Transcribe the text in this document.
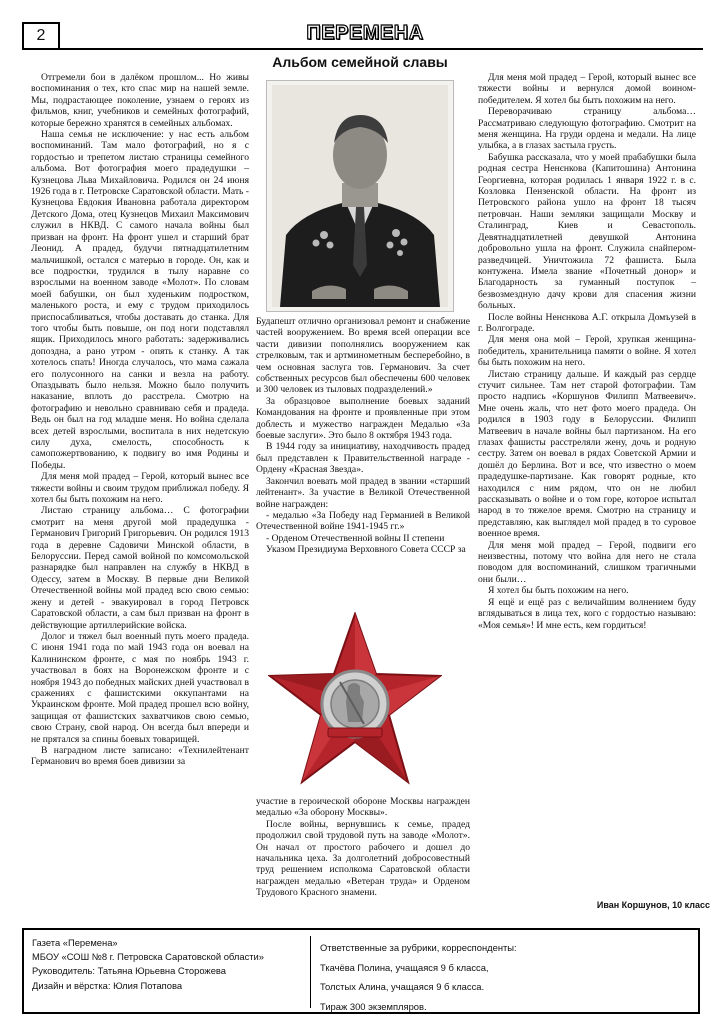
2	ПЕРЕМЕНА
Альбом семейной славы

Отгремели бои в далёком прошлом... Но живы воспоминания о тех, кто спас мир на нашей земле. Мы, подрастающее поколение, узнаем о героях из фильмов, книг, учебников и семейных фотографий, которые бережно хранятся в семейных альбомах.

Наша семья не исключение: у нас есть альбом воспоминаний. Там мало фотографий, но я с гордостью и трепетом листаю страницы семейного альбома. Вот фотография моего прадедушки – Кузнецова Льва Михайловича. Родился он 24 июня 1926 года в г. Петровске Саратовской области. Мать - Кузнецова Евдокия Ивановна работала директором Детского Дома, отец Кузнецов Михаил Максимович служил в НКВД. С самого начала войны был призван на фронт. На фронт ушел и старший брат Леонид. А прадед, будучи пятнадцатилетним мальчишкой, остался с матерью в городе. Он, как и все подростки, трудился в тылу наравне со взрослыми на военном заводе «Молот». По словам моей бабушки, он был худеньким подростком, маленького роста, и ему с трудом приходилось приспосабливаться, чтобы доставать до станка. Для того чтобы быть повыше, он под ноги подставлял ящик. Приходилось много работать: задерживались допоздна, а рано утром - опять к станку. А так хотелось спать! Иногда случалось, что мама сажала его полусонного на санки и везла на работу. Опаздывать было нельзя. Можно было получить наказание, вплоть до расстрела. Смотрю на фотографию и невольно сравниваю себя и прадеда. Ведь он был на год младше меня. Но война сделала всех детей взрослыми, воспитала в них недетскую силу духа, смелость, способность к самопожертвованию, к подвигу во имя Родины и Победы.

Для меня мой прадед – Герой, который вынес все тяжести войны и своим трудом приближал победу. Я хотел бы быть похожим на него.

Листаю страницу альбома… С фотографии смотрит на меня другой мой прадедушка - Германович Григорий Григорьевич. Он родился 1913 года в деревне Садовичи Минской области, в Белоруссии. Перед самой войной по комсомольской разнарядке был направлен на службу в НКВД в Одессу, затем в Москву. В первые дни Великой Отечественной войны мой прадед всю свою семью: жену и детей - эвакуировал в город Петровск Саратовской области, а сам был призван на фронт в действующие артиллерийские войска.

Долог и тяжел был военный путь моего прадеда. С июня 1941 года по май 1943 года он воевал на Калининском фронте, с мая по ноябрь 1943 г. участвовал в боях на Воронежском фронте и с ноября 1943 до победных майских дней участвовал в сражениях с фашистскими оккупантами на Украинском фронте. Мой прадед прошел всю войну, защищая от фашистских захватчиков свою семью, свою Страну, свой народ. Он всегда был впереди и не прятался за спины боевых товарищей.

В наградном листе записано: «Технилейтенант Германович во время боев дивизии за

Будапешт отлично организовал ремонт и снабжение частей вооружением. Во время всей операции все части дивизии пополнялись вооружением как стрелковым, так и артминометным бесперебойно, в чем основная заслуга тов. Германович. За счет собственных ресурсов был обеспечены 600 человек и 300 человек из тыловых подразделений.»

За образцовое выполнение боевых заданий Командования на фронте и проявленные при этом доблесть и мужество награжден Медалью «За боевые заслуги». Это было 8 октября 1943 года.

В 1944 году за инициативу, находчивость прадед был представлен к Правительственной награде - Ордену «Красная Звезда».

Закончил воевать мой прадед в звании «старший лейтенант». За участие в Великой Отечественной войне награжден:

- медалью «За Победу над Германией в Великой Отечественной войне 1941-1945 гг.»

- Орденом Отечественной войны II степени

Указом Президиума Верховного Совета СССР за

участие в героической обороне Москвы награжден медалью «За оборону Москвы».

После войны, вернувшись к семье, прадед продолжил свой трудовой путь на заводе «Молот». Он начал от простого рабочего и дошел до начальника цеха. За долголетний добросовестный труд решением исполкома Саратовской области награжден медалью «Ветеран труда» и Орденом Трудового Красного знамени.

Для меня мой прадед – Герой, который вынес все тяжести войны и вернулся домой воином-победителем. Я хотел бы быть похожим на него.

Переворачиваю страницу альбома… Рассматриваю следующую фотографию. Смотрит на меня женщина. На груди ордена и медали. На лице улыбка, а в глазах застыла грусть.

Бабушка рассказала, что у моей прабабушки была родная сестра Ненєнкова (Капитошина) Антонина Георгиевна, которая родилась 1 января 1922 г. в с. Козловка Пензенской области. На фронт из Петровского района ушло на фронт 18 тысяч петровчан. Наши земляки защищали Москву и Сталинград, Киев и Севастополь. Девятнадцатилетней девушкой Антонина добровольно ушла на фронт. Служила снайпером-разведчицей. Уничтожила 72 фашиста. Была контужена. Имела звание «Почетный донор» и Благодарность за гуманный поступок – безвозмездную дачу крови для спасения жизни больных.

После войны Ненєнкова А.Г. открыла Домъузей в г. Волгограде.

Для меня она мой – Герой, хрупкая женщина-победитель, хранительница памяти о войне. Я хотел бы быть похожим на него.

Листаю страницу дальше. И каждый раз сердце стучит сильнее. Там нет старой фотографии. Там просто надпись «Коршунов Филипп Матвеевич». Мне очень жаль, что нет фото моего прадеда. Он родился в 1903 году в Белоруссии. Филипп Матвеевич в начале войны был партизаном. На его глазах фашисты расстреляли жену, дочь и родную сестру. Затем он воевал в рядах Советской Армии и дошёл до Берлина. Вот и все, что известно о моем прадедушке-партизане. Как говорят родные, кто находился с ним рядом, что он не любил рассказывать о войне и о том горе, которое испытал народ в то тяжелое время. Смотрю на страницу и представляю, как выглядел мой прадед в то суровое военное время.

Для меня мой прадед – Герой, подвиги его неизвестны, потому что война для него не стала поводом для воспоминаний, слишком трагичными они были…

Я хотел бы быть похожим на него.

Я ещё и ещё раз с величайшим волнением буду вглядываться в лица тех, кого с гордостью называю: «Моя семья»! И мне есть, кем гордиться!

Иван Коршунов, 10 класс
Газета «Перемена»
МБОУ «СОШ №8 г. Петровска Саратовской области»
Руководитель: Татьяна Юрьевна Сторожева
Дизайн и вёрстка: Юлия Потапова
Ответственные за рубрики, корреспонденты:
Ткачёва Полина, учащаяся 9 б класса,
Толстых Алина, учащаяся 9 б класса.
Тираж 300 экземпляров.
